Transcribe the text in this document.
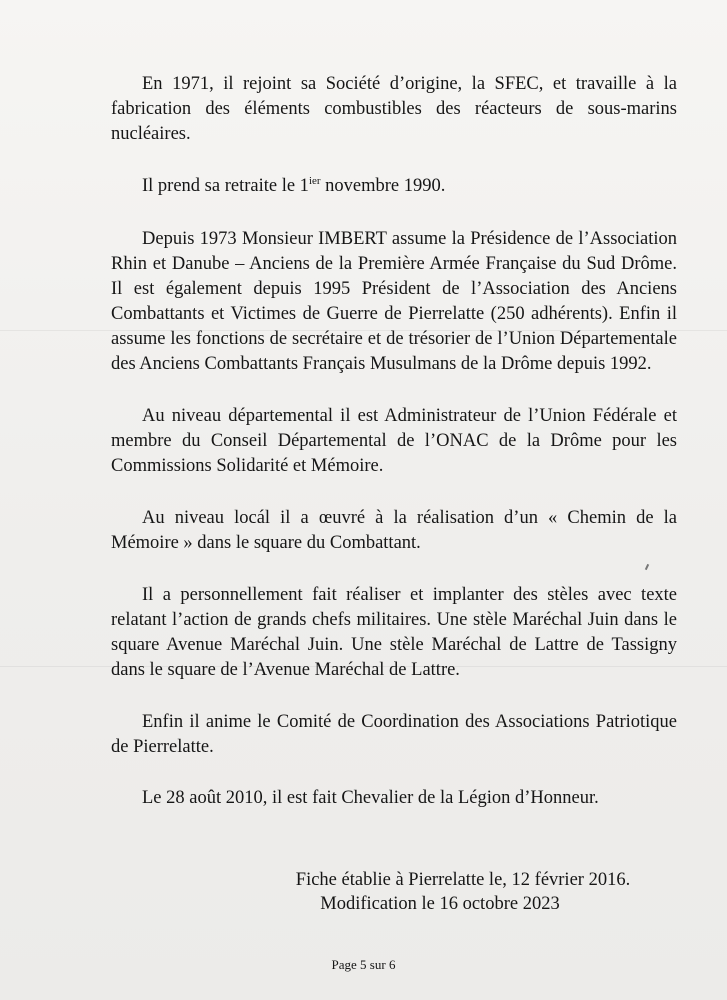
En 1971, il rejoint sa Société d’origine, la SFEC, et travaille à la fabrication des éléments combustibles des réacteurs de sous-marins nucléaires.

Il prend sa retraite le $1^{ier}$ novembre 1990.

Depuis 1973 Monsieur IMBERT assume la Présidence de l’Association Rhin et Danube – Anciens de la Première Armée Française du Sud Drôme. Il est également depuis 1995 Président de l’Association des Anciens Combattants et Victimes de Guerre de Pierrelatte (250 adhérents). Enfin il assume les fonctions de secrétaire et de trésorier de l’Union Départementale des Anciens Combattants Français Musulmans de la Drôme depuis 1992.

Au niveau départemental il est Administrateur de l’Union Fédérale et membre du Conseil Départemental de l’ONAC de la Drôme pour les Commissions Solidarité et Mémoire.

Au niveau locál il a œuvré à la réalisation d’un « Chemin de la Mémoire » dans le square du Combattant.

Il a personnellement fait réaliser et implanter des stèles avec texte relatant l’action de grands chefs militaires. Une stèle Maréchal Juin dans le square Avenue Maréchal Juin. Une stèle Maréchal de Lattre de Tassigny dans le square de l’Avenue Maréchal de Lattre.

Enfin il anime le Comité de Coordination des Associations Patriotique de Pierrelatte.

Le 28 août 2010, il est fait Chevalier de la Légion d’Honneur.

Fiche établie à Pierrelatte le, 12 février 2016.
Modification le 16 octobre 2023
Page 5 sur 6
